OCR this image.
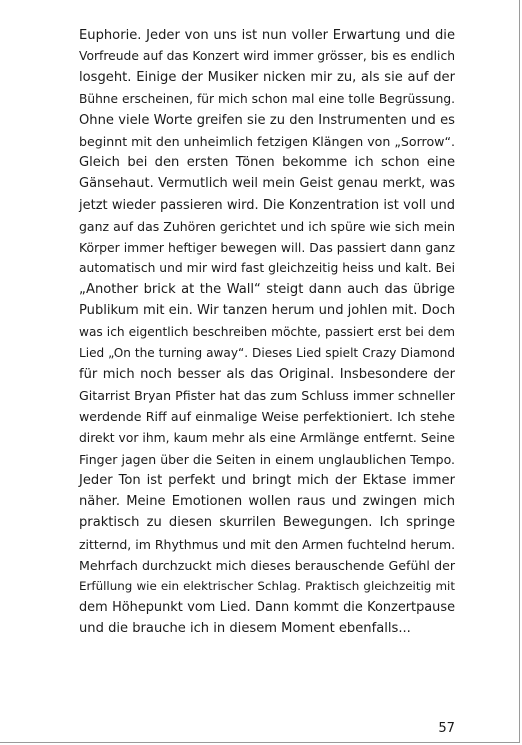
Euphorie. Jeder von uns ist nun voller Erwartung und die
Vorfreude auf das Konzert wird immer grösser, bis es endlich
losgeht. Einige der Musiker nicken mir zu, als sie auf der
Bühne erscheinen, für mich schon mal eine tolle Begrüssung.
Ohne viele Worte greifen sie zu den Instrumenten und es
beginnt mit den unheimlich fetzigen Klängen von „Sorrow“.
Gleich bei den ersten Tönen bekomme ich schon eine
Gänsehaut. Vermutlich weil mein Geist genau merkt, was
jetzt wieder passieren wird. Die Konzentration ist voll und
ganz auf das Zuhören gerichtet und ich spüre wie sich mein
Körper immer heftiger bewegen will. Das passiert dann ganz
automatisch und mir wird fast gleichzeitig heiss und kalt. Bei
„Another brick at the Wall“ steigt dann auch das übrige
Publikum mit ein. Wir tanzen herum und johlen mit. Doch
was ich eigentlich beschreiben möchte, passiert erst bei dem
Lied „On the turning away“. Dieses Lied spielt Crazy Diamond
für mich noch besser als das Original. Insbesondere der
Gitarrist Bryan Pfister hat das zum Schluss immer schneller
werdende Riff auf einmalige Weise perfektioniert. Ich stehe
direkt vor ihm, kaum mehr als eine Armlänge entfernt. Seine
Finger jagen über die Seiten in einem unglaublichen Tempo.
Jeder Ton ist perfekt und bringt mich der Ektase immer
näher. Meine Emotionen wollen raus und zwingen mich
praktisch zu diesen skurrilen Bewegungen. Ich springe
zitternd, im Rhythmus und mit den Armen fuchtelnd herum.
Mehrfach durchzuckt mich dieses berauschende Gefühl der
Erfüllung wie ein elektrischer Schlag. Praktisch gleichzeitig mit
dem Höhepunkt vom Lied. Dann kommt die Konzertpause
und die brauche ich in diesem Moment ebenfalls...
57
